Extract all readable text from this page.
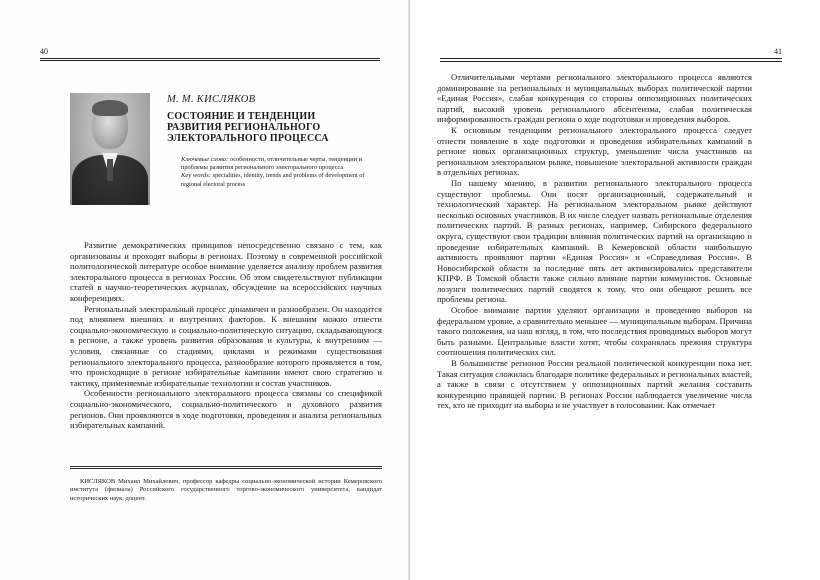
40
М. М. КИСЛЯКОВ
СОСТОЯНИЕ И ТЕНДЕНЦИИ
РАЗВИТИЯ РЕГИОНАЛЬНОГО
ЭЛЕКТОРАЛЬНОГО ПРОЦЕССА
Ключевые слова: особенности, отличительные черты, тенденции и проблемы развития регионального электорального процесса
Key words: specialities, identity, trends and problems of development of regional electoral process

Развитие демократических принципов непосредственно связано с тем, как организованы и проходят выборы в регионах. Поэтому в современной российской политологической литературе особое внимание уделяется анализу проблем развития электорального процесса в регионах России. Об этом свидетельствуют публикации статей в научно-теоретических журналах, обсуждение на всероссийских научных конференциях.

Региональный электоральный процесс динамичен и разнообразен. Он находится под влиянием внешних и внутренних факторов. К внешним можно отнести социально-экономическую и социально-политическую ситуацию, складывающуюся в регионе, а также уровень развития образования и культуры, к внутренним — условия, связанные со стадиями, циклами и режимами существования регионального электорального процесса, разнообразие которого проявляется в том, что происходящие в регионе избирательные кампании имеют свою стратегию и тактику, применяемые избирательные технологии и состав участников.

Особенности регионального электорального процесса связаны со спецификой социально-экономического, социально-политического и духовного развития регионов. Они проявляются в ходе подготовки, проведения и анализа региональных избирательных кампаний.

КИСЛЯКОВ Михаил Михайлович, профессор кафедры социально-экономической истории Кемеровского института (филиала) Российского государственного торгово-экономического университета, кандидат исторических наук, доцент.

41

Отличительными чертами регионального электорального процесса являются доминирование на региональных и муниципальных выборах политической партии «Единая Россия», слабая конкуренция со стороны оппозиционных политических партий, высокий уровень регионального абсентеизма, слабая политическая информированность граждан региона о ходе подготовки и проведения выборов.

К основным тенденциям регионального электорального процесса следует отнести появление в ходе подготовки и проведения избирательных кампаний в регионе новых организационных структур, уменьшение числа участников на региональном электоральном рынке, повышение электоральной активности граждан в отдельных регионах.

По нашему мнению, в развитии регионального электорального процесса существуют проблемы. Они носят организационный, содержательный и технологический характер. На региональном электоральном рынке действуют несколько основных участников. В их числе следует назвать региональные отделения политических партий. В разных регионах, например, Сибирского федерального округа, существуют свои традиции влияния политических партий на организацию и проведение избирательных кампаний. В Кемеровской области наибольшую активность проявляют партии «Единая Россия» и «Справедливая Россия». В Новосибирской области за последние пять лет активизировались представители КПРФ. В Томской области также сильно влияние партии коммунистов. Основные лозунги политических партий сводятся к тому, что они обещают решить все проблемы региона.

Особое внимание партии уделяют организации и проведению выборов на федеральном уровне, а сравнительно меньшее — муниципальным выборам. Причина такого положения, на наш взгляд, в том, что последствия проводимых выборов могут быть разными. Центральные власти хотят, чтобы сохранялась прежняя структура соотношения политических сил.

В большинстве регионов России реальной политической конкуренции пока нет. Такая ситуация сложилась благодаря политике федеральных и региональных властей, а также в связи с отсутствием у оппозиционных партий желания составить конкуренцию правящей партии. В регионах России наблюдается увеличение числа тех, кто не приходит на выборы и не участвует в голосовании. Как отмечает
